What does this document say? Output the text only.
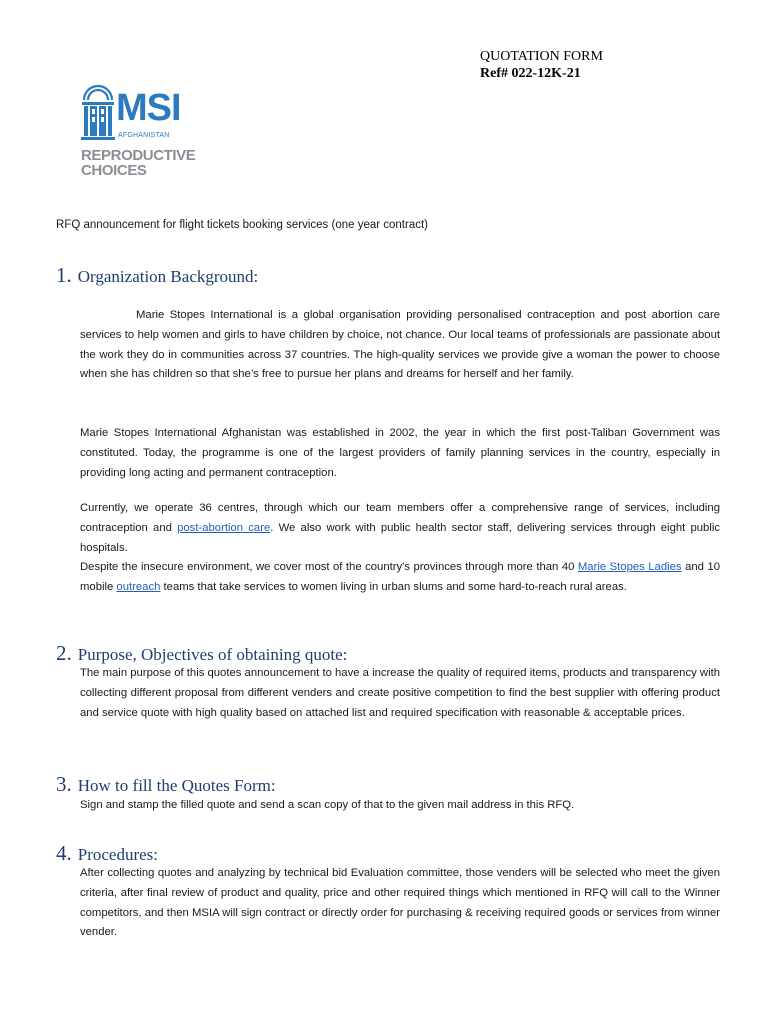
QUOTATION FORM
Ref# 022-12K-21
MSI
AFGHANISTAN
REPRODUCTIVE
CHOICES
RFQ announcement for flight tickets booking services (one year contract)
1. Organization Background:
Marie Stopes International is a global organisation providing personalised contraception and post abortion care services to help women and girls to have children by choice, not chance. Our local teams of professionals are passionate about the work they do in communities across 37 countries. The high-quality services we provide give a woman the power to choose when she has children so that she’s free to pursue her plans and dreams for herself and her family.
Marie Stopes International Afghanistan was established in 2002, the year in which the first post-Taliban Government was constituted. Today, the programme is one of the largest providers of family planning services in the country, especially in providing long acting and permanent contraception.
Currently, we operate 36 centres, through which our team members offer a comprehensive range of services, including contraception and post-abortion care. We also work with public health sector staff, delivering services through eight public hospitals.
Despite the insecure environment, we cover most of the country's provinces through more than 40 Marie Stopes Ladies and 10 mobile outreach teams that take services to women living in urban slums and some hard-to-reach rural areas.
2. Purpose, Objectives of obtaining quote:
The main purpose of this quotes announcement to have a increase the quality of required items, products and transparency with collecting different proposal from different venders and create positive competition to find the best supplier with offering product and service quote with high quality based on attached list and required specification with reasonable & acceptable prices.
3. How to fill the Quotes Form:
Sign and stamp the filled quote and send a scan copy of that to the given mail address in this RFQ.
4. Procedures:
After collecting quotes and analyzing by technical bid Evaluation committee, those venders will be selected who meet the given criteria, after final review of product and quality, price and other required things which mentioned in RFQ will call to the Winner competitors, and then MSIA will sign contract or directly order for purchasing & receiving required goods or services from winner vender.
